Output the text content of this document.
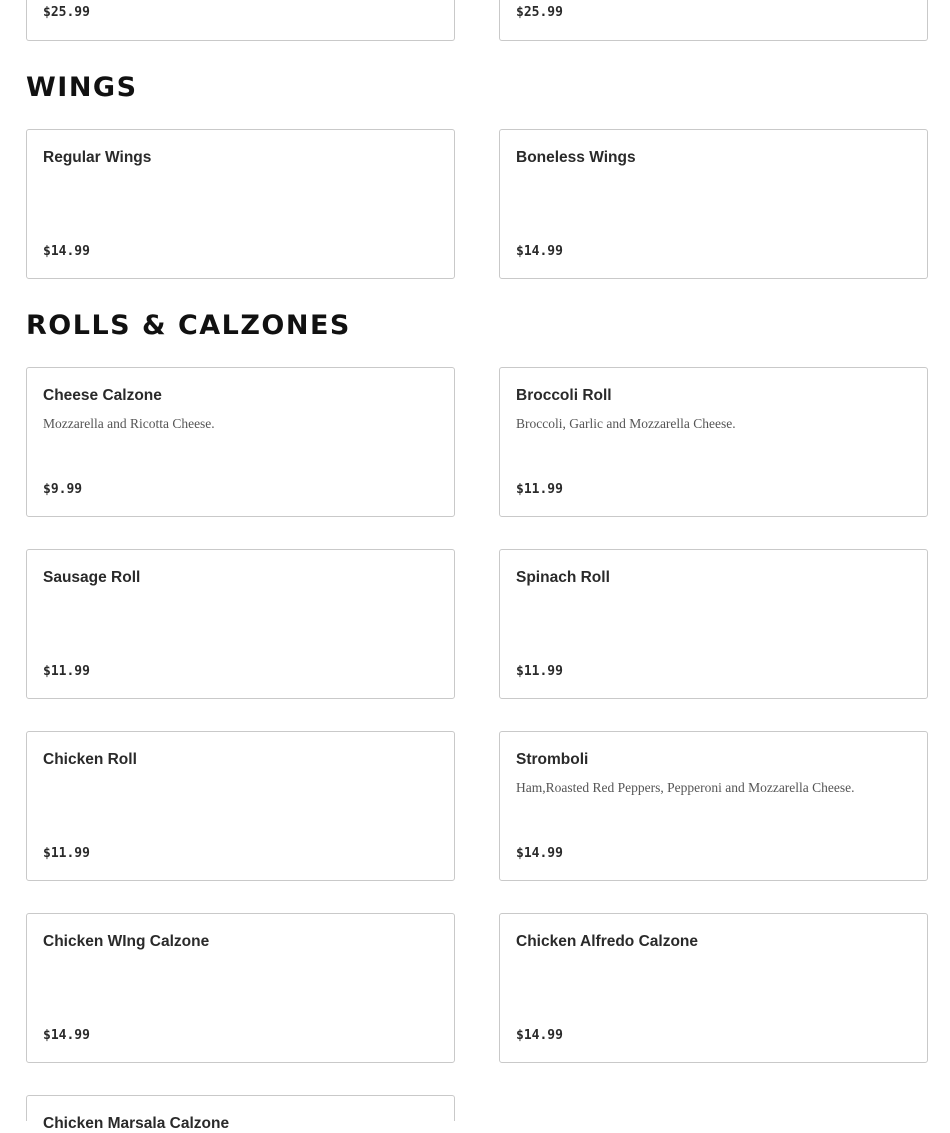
$25.99	$25.99
WINGS
Regular Wings
$14.99
Boneless Wings
$14.99
ROLLS & CALZONES
Cheese Calzone
Mozzarella and Ricotta Cheese.
$9.99
Broccoli Roll
Broccoli, Garlic and Mozzarella Cheese.
$11.99
Sausage Roll
$11.99
Spinach Roll
$11.99
Chicken Roll
$11.99
Stromboli
Ham,Roasted Red Peppers, Pepperoni and Mozzarella Cheese.
$14.99
Chicken WIng Calzone
$14.99
Chicken Alfredo Calzone
$14.99
Chicken Marsala Calzone
